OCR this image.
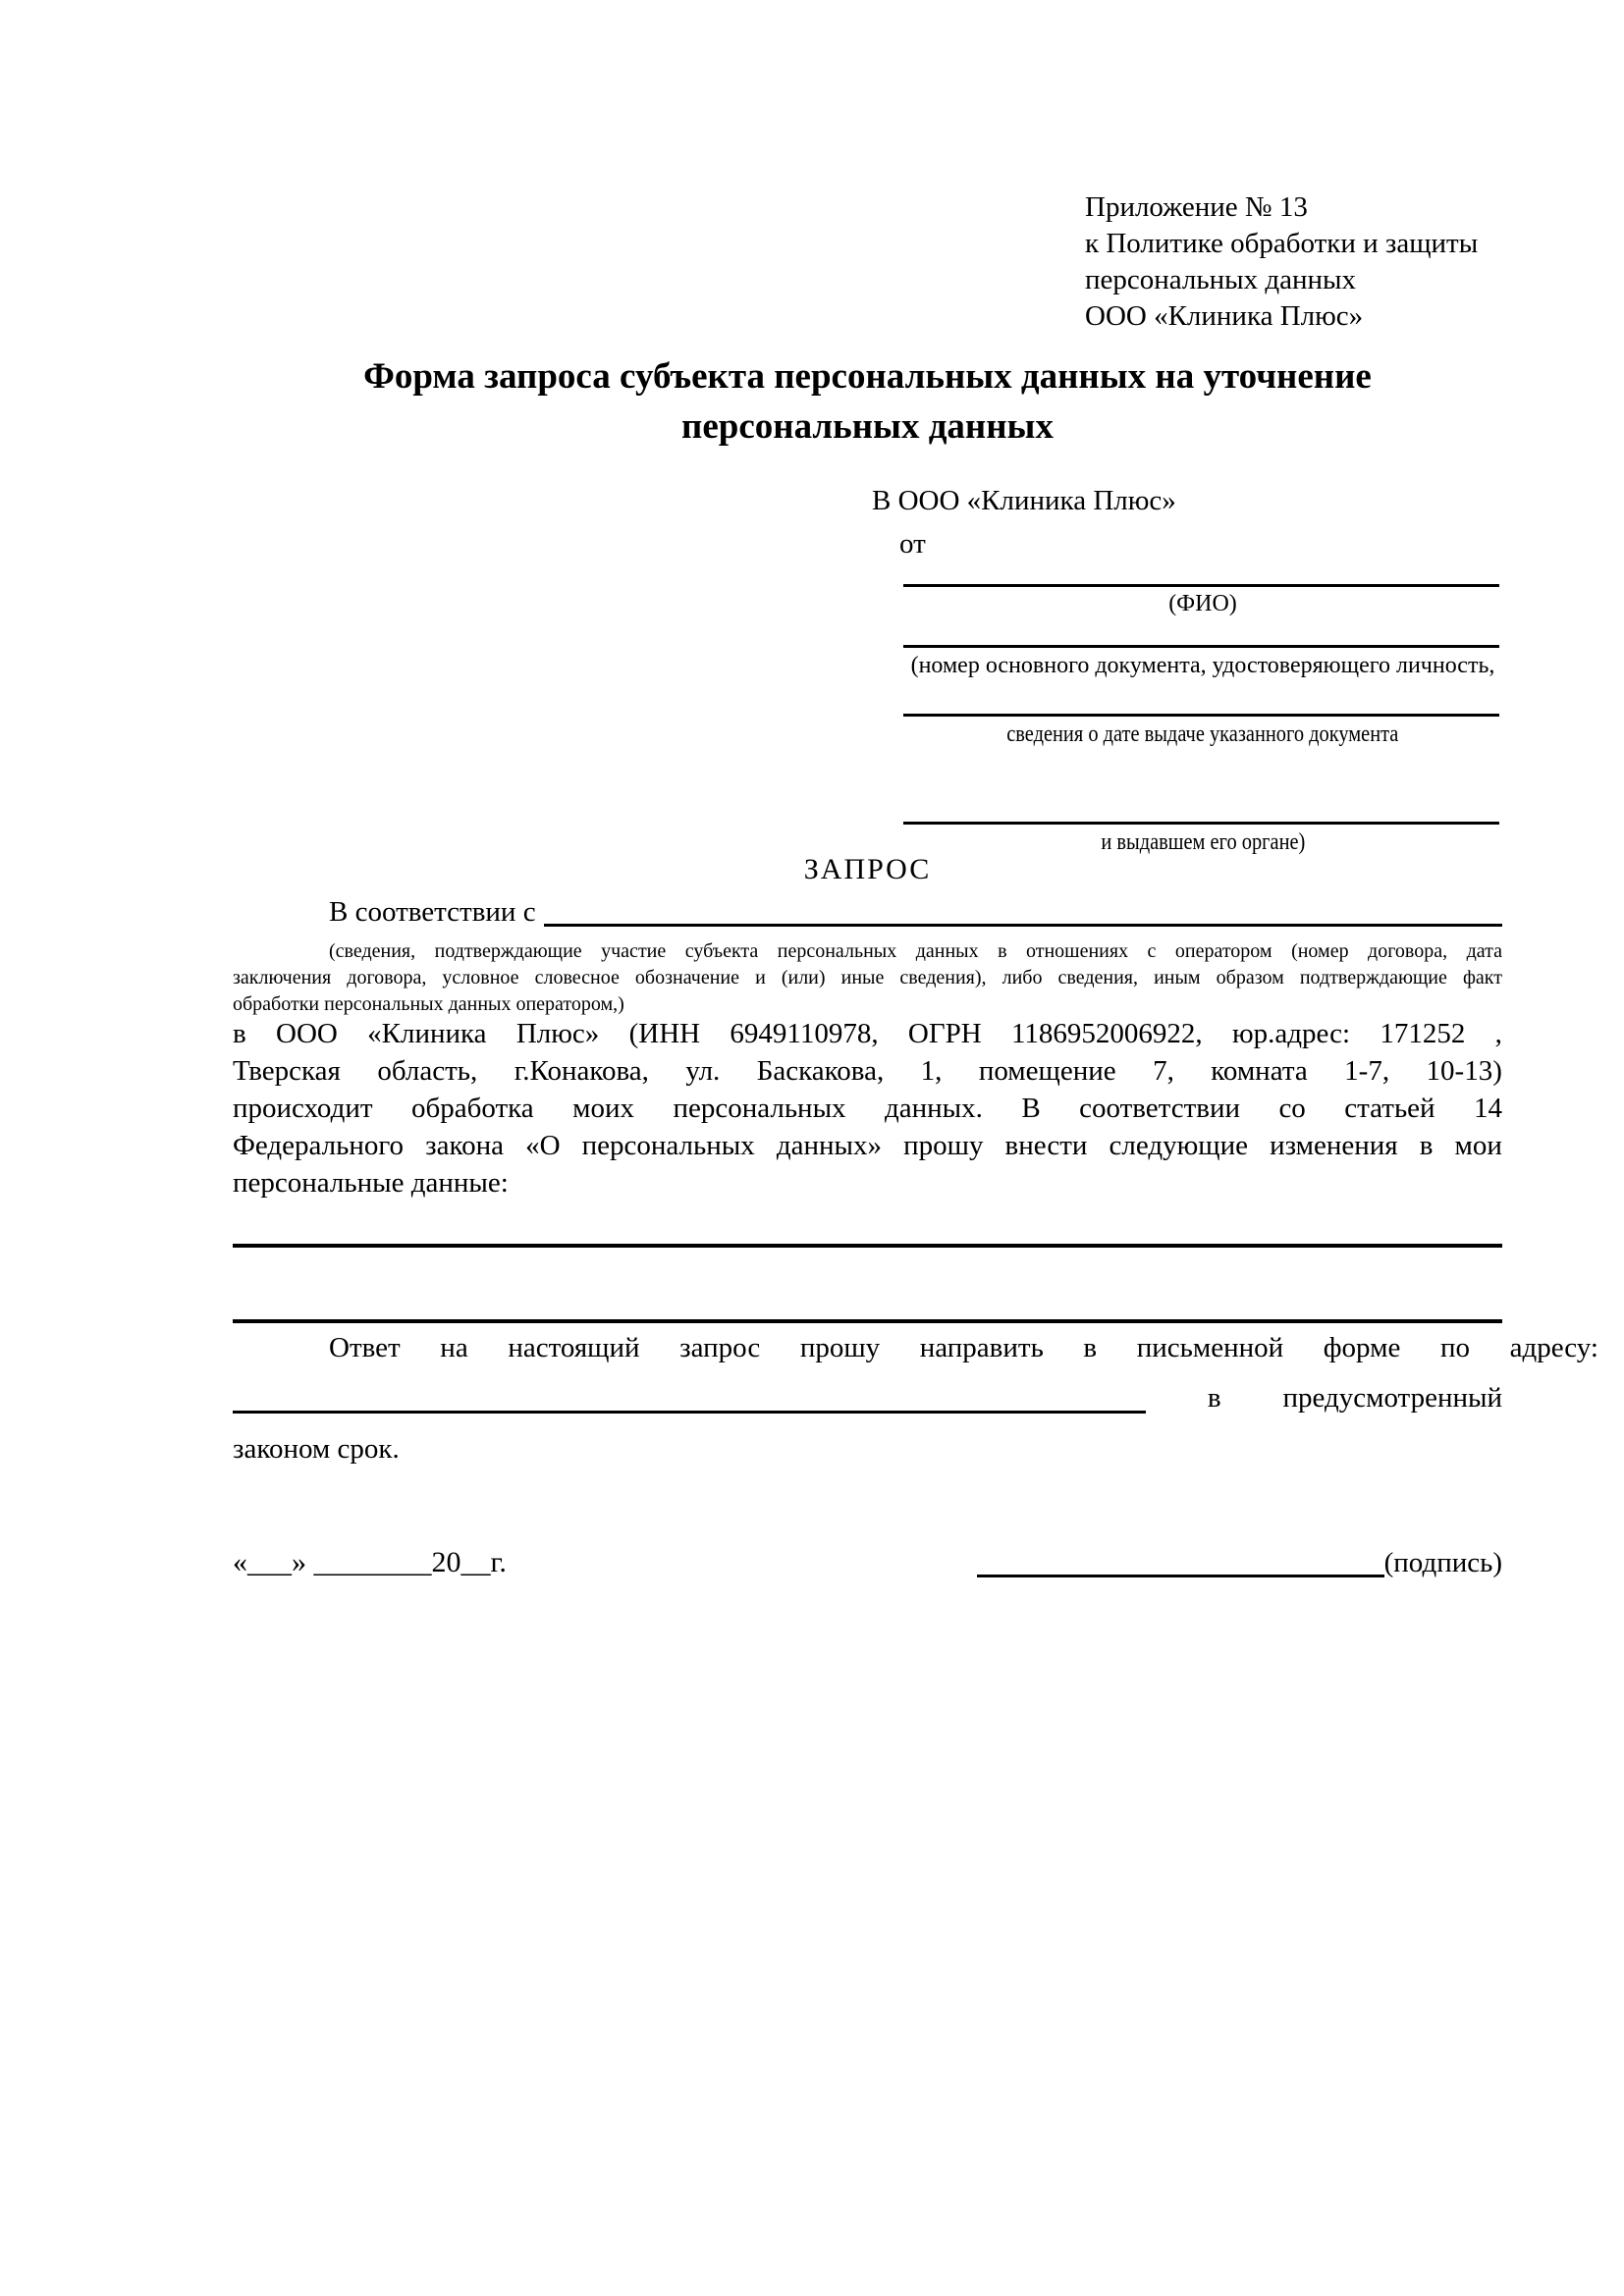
Приложение № 13
к Политике обработки и защиты
персональных данных
ООО «Клиника Плюс»
Форма запроса субъекта персональных данных на уточнение
персональных данных
В ООО «Клиника Плюс»
от
(ФИО)
(номер основного документа, удостоверяющего личность,
сведения о дате выдаче указанного документа
и выдавшем его органе)
ЗАПРОС
В соответствии с
(сведения, подтверждающие участие субъекта персональных данных в отношениях с оператором (номер договора, дата
заключения договора, условное словесное обозначение и (или) иные сведения), либо сведения, иным образом подтверждающие факт
обработки персональных данных оператором,)
в ООО «Клиника Плюс» (ИНН 6949110978, ОГРН 1186952006922, юр.адрес: 171252 ,
Тверская область, г.Конакова, ул. Баскакова, 1, помещение 7, комната 1-7, 10-13)
происходит обработка моих персональных данных. В соответствии со статьей 14
Федерального закона «О персональных данных» прошу внести следующие изменения в мои
персональные данные:
Ответ на настоящий запрос прошу направить в письменной форме по адресу:
в предусмотренный
законом срок.
«___» ________20__г.	(подпись)
